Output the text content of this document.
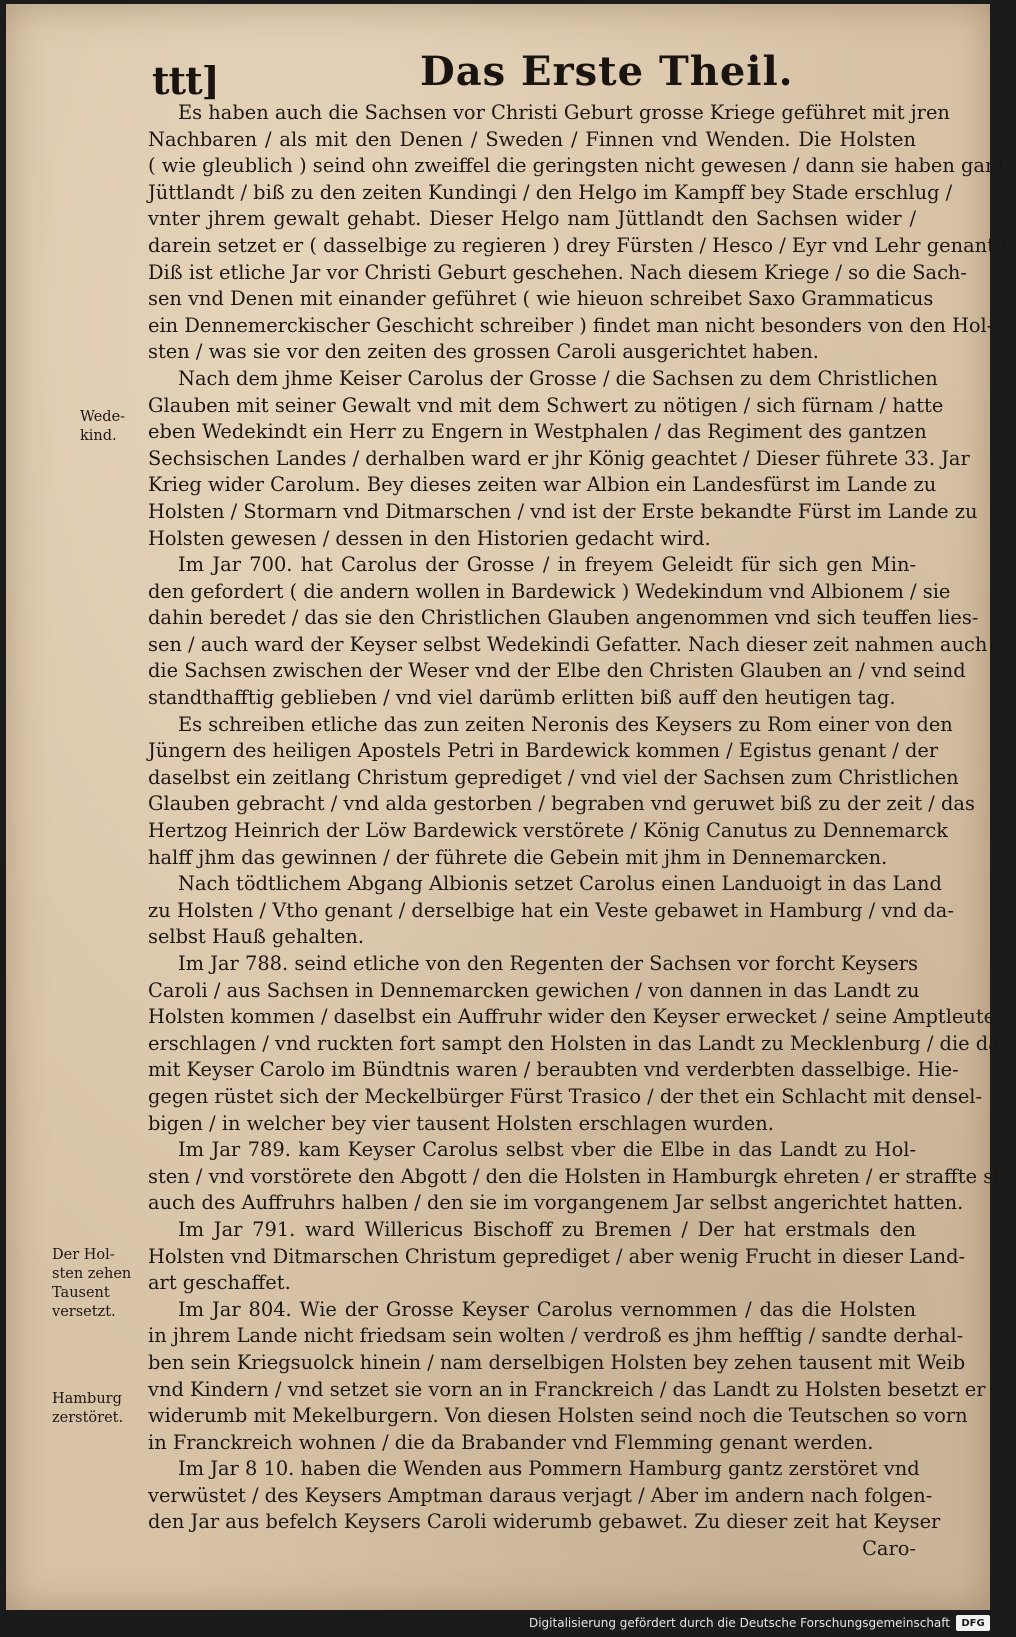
ttt]	Das Erste Theil.
Es haben auch die Sachsen vor Christi Geburt grosse Kriege geführet mit jren
Nachbaren / als mit den Denen / Sweden / Finnen vnd Wenden. Die Holsten
( wie gleublich ) seind ohn zweiffel die geringsten nicht gewesen / dann sie haben gantz
Jüttlandt / biß zu den zeiten Kundingi / den Helgo im Kampff bey Stade erschlug /
vnter jhrem gewalt gehabt. Dieser Helgo nam Jüttlandt den Sachsen wider /
darein setzet er ( dasselbige zu regieren ) drey Fürsten / Hesco / Eyr vnd Lehr genant /
Diß ist etliche Jar vor Christi Geburt geschehen. Nach diesem Kriege / so die Sach-
sen vnd Denen mit einander geführet ( wie hieuon schreibet Saxo Grammaticus
ein Dennemerckischer Geschicht schreiber ) findet man nicht besonders von den Hol-
sten / was sie vor den zeiten des grossen Caroli ausgerichtet haben.
Nach dem jhme Keiser Carolus der Grosse / die Sachsen zu dem Christlichen
Glauben mit seiner Gewalt vnd mit dem Schwert zu nötigen / sich fürnam / hatte
eben Wedekindt ein Herr zu Engern in Westphalen / das Regiment des gantzen
Sechsischen Landes / derhalben ward er jhr König geachtet / Dieser führete 33. Jar
Krieg wider Carolum. Bey dieses zeiten war Albion ein Landesfürst im Lande zu
Holsten / Stormarn vnd Ditmarschen / vnd ist der Erste bekandte Fürst im Lande zu
Holsten gewesen / dessen in den Historien gedacht wird.
Im Jar 700. hat Carolus der Grosse / in freyem Geleidt für sich gen Min-
den gefordert ( die andern wollen in Bardewick ) Wedekindum vnd Albionem / sie
dahin beredet / das sie den Christlichen Glauben angenommen vnd sich teuffen lies-
sen / auch ward der Keyser selbst Wedekindi Gefatter. Nach dieser zeit nahmen auch
die Sachsen zwischen der Weser vnd der Elbe den Christen Glauben an / vnd seind
standthafftig geblieben / vnd viel darümb erlitten biß auff den heutigen tag.
Es schreiben etliche das zun zeiten Neronis des Keysers zu Rom einer von den
Jüngern des heiligen Apostels Petri in Bardewick kommen / Egistus genant / der
daselbst ein zeitlang Christum geprediget / vnd viel der Sachsen zum Christlichen
Glauben gebracht / vnd alda gestorben / begraben vnd geruwet biß zu der zeit / das
Hertzog Heinrich der Löw Bardewick verstörete / König Canutus zu Dennemarck
halff jhm das gewinnen / der führete die Gebein mit jhm in Dennemarcken.
Nach tödtlichem Abgang Albionis setzet Carolus einen Landuoigt in das Land
zu Holsten / Vtho genant / derselbige hat ein Veste gebawet in Hamburg / vnd da-
selbst Hauß gehalten.
Im Jar 788. seind etliche von den Regenten der Sachsen vor forcht Keysers
Caroli / aus Sachsen in Dennemarcken gewichen / von dannen in das Landt zu
Holsten kommen / daselbst ein Auffruhr wider den Keyser erwecket / seine Amptleute
erschlagen / vnd ruckten fort sampt den Holsten in das Landt zu Mecklenburg / die da
mit Keyser Carolo im Bündtnis waren / beraubten vnd verderbten dasselbige. Hie-
gegen rüstet sich der Meckelbürger Fürst Trasico / der thet ein Schlacht mit densel-
bigen / in welcher bey vier tausent Holsten erschlagen wurden.
Im Jar 789. kam Keyser Carolus selbst vber die Elbe in das Landt zu Hol-
sten / vnd vorstörete den Abgott / den die Holsten in Hamburgk ehreten / er straffte sie
auch des Auffruhrs halben / den sie im vorgangenem Jar selbst angerichtet hatten.
Im Jar 791. ward Willericus Bischoff zu Bremen / Der hat erstmals den
Holsten vnd Ditmarschen Christum geprediget / aber wenig Frucht in dieser Land-
art geschaffet.
Im Jar 804. Wie der Grosse Keyser Carolus vernommen / das die Holsten
in jhrem Lande nicht friedsam sein wolten / verdroß es jhm hefftig / sandte derhal-
ben sein Kriegsuolck hinein / nam derselbigen Holsten bey zehen tausent mit Weib
vnd Kindern / vnd setzet sie vorn an in Franckreich / das Landt zu Holsten besetzt er
widerumb mit Mekelburgern. Von diesen Holsten seind noch die Teutschen so vorn
in Franckreich wohnen / die da Brabander vnd Flemming genant werden.
Im Jar 8 10. haben die Wenden aus Pommern Hamburg gantz zerstöret vnd
verwüstet / des Keysers Amptman daraus verjagt / Aber im andern nach folgen-
den Jar aus befelch Keysers Caroli widerumb gebawet. Zu dieser zeit hat Keyser
Caro-
Wede-
kind.
Der Hol-
sten zehen
Tausent
versetzt.
Hamburg
zerstöret.
Digitalisierung gefördert durch die Deutsche Forschungsgemeinschaft	DFG
